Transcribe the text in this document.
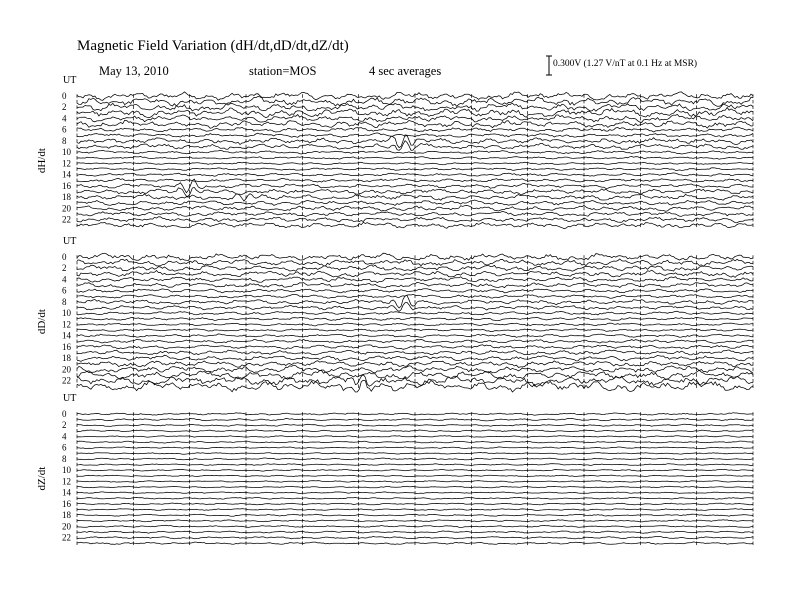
Magnetic Field Variation (dH/dt,dD/dt,dZ/dt)
May 13, 2010	station=MOS	4 sec averages	0.300V (1.27 V/nT at 0.1 Hz at MSR)
UT
dH/dt
0
2
4
6
8
10
12
14
16
18
20
22
UT
dD/dt
0
2
4
6
8
10
12
14
16
18
20
22
UT
dZ/dt
0
2
4
6
8
10
12
14
16
18
20
22
